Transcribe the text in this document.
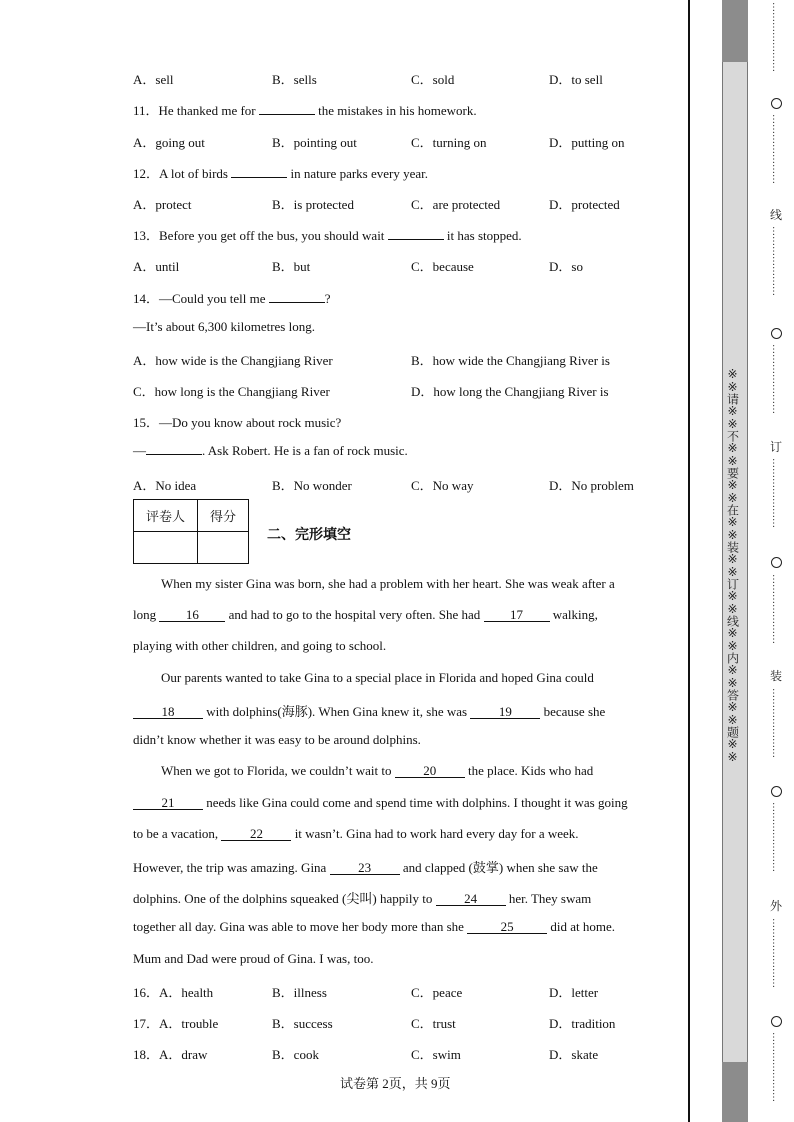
A．sell	B．sells	C．sold	D．to sell
11．He thanked me for	the mistakes in his homework.
A．going out	B．pointing out	C．turning on	D．putting on
12．A lot of birds	in nature parks every year.
A．protect	B．is protected	C．are protected	D．protected
13．Before you get off the bus, you should wait	it has stopped.
A．until	B．but	C．because	D．so
14．—Could you tell me	?
—It’s about 6,300 kilometres long.
A．how wide is the Changjiang River	B．how wide the Changjiang River is
C．how long is the Changjiang River	D．how long the Changjiang River is
15．—Do you know about rock music?
—	. Ask Robert. He is a fan of rock music.
A．No idea	B．No wonder	C．No way	D．No problem
评卷人	得分

二、完形填空
When my sister Gina was born, she had a problem with her heart. She was weak after a
long 16 and had to go to the hospital very often. She had 17 walking,
playing with other children, and going to school.
Our parents wanted to take Gina to a special place in Florida and hoped Gina could
18 with dolphins(海豚). When Gina knew it, she was 19 because she
didn’t know whether it was easy to be around dolphins.
When we got to Florida, we couldn’t wait to 20 the place. Kids who had
21 needs like Gina could come and spend time with dolphins. I thought it was going
to be a vacation, 22 it wasn’t. Gina had to work hard every day for a week.
However, the trip was amazing. Gina 23 and clapped (鼓掌) when she saw the
dolphins. One of the dolphins squeaked (尖叫) happily to 24 her. They swam
together all day. Gina was able to move her body more than she	25	did at home.
Mum and Dad were proud of Gina. I was, too.
16．A．health	B．illness	C．peace	D．letter
17．A．trouble	B．success	C．trust	D．tradition
18．A．draw	B．cook	C．swim	D．skate
试卷第 2页，共 9页
※※请※※不※※要※※在※※装※※订※※线※※内※※答※※题※※
…………………
…………………
线
…………………
…………………
订
…………………
…………………
装
…………………
…………………
外
…………………
…………………
